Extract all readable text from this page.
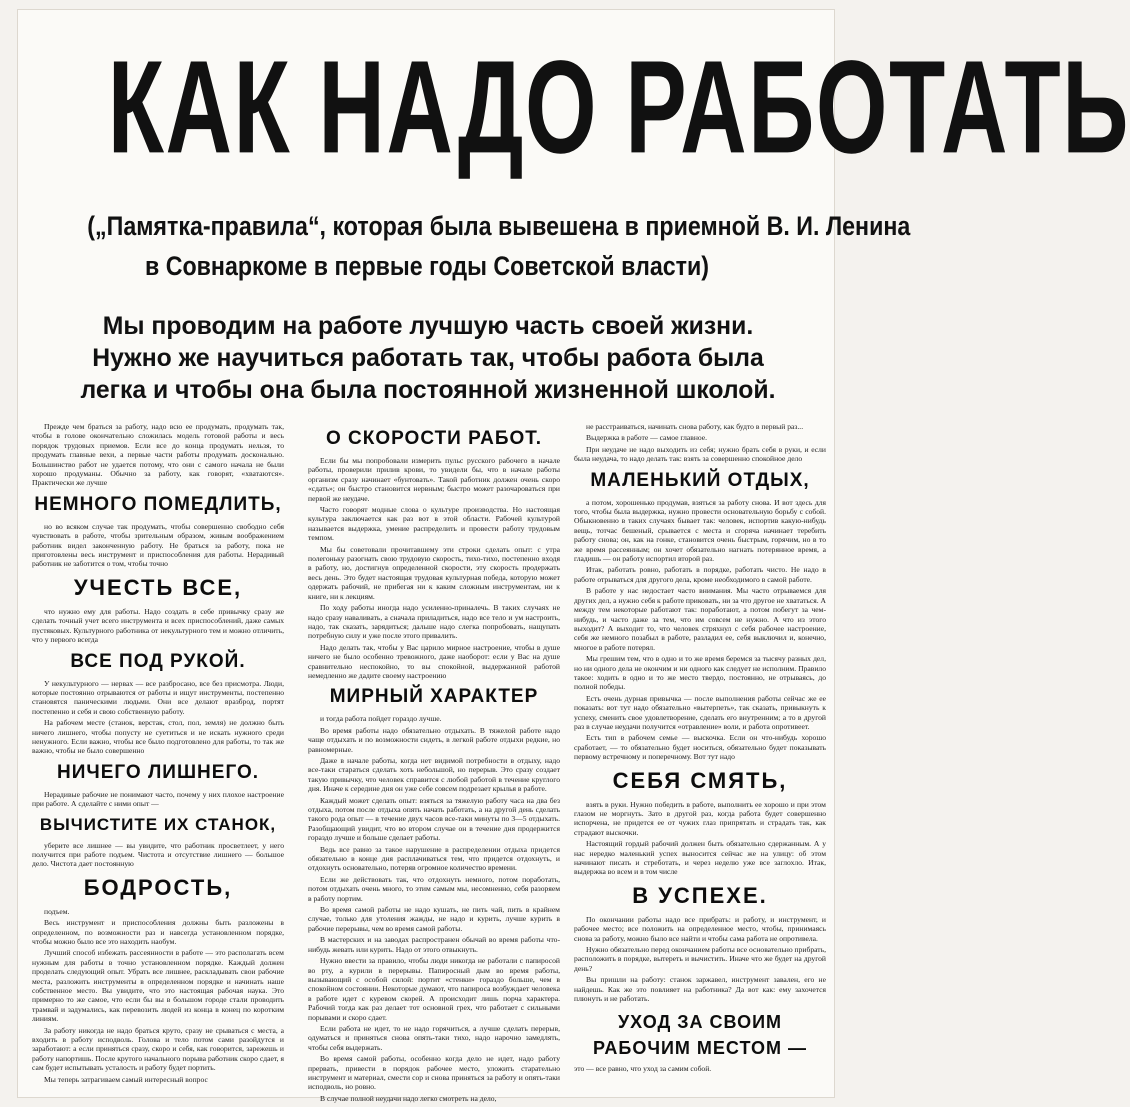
КАК НАДО РАБОТАТЬ
(„Памятка-правила“, которая была вывешена в приемной В. И. Ленина
в Совнаркоме в первые годы Советской власти)
Мы проводим на работе лучшую часть своей жизни.
Нужно же научиться работать так, чтобы работа была
легка и чтобы она была постоянной жизненной школой.

Прежде чем браться за работу, надо всю ее продумать, продумать так, чтобы в голове окончательно сложилась модель готовой работы и весь порядок трудовых приемов. Если все до конца продумать нельзя, то продумать главные вехи, а первые части работы продумать досконально. Большинство работ не удается потому, что они с самого начала не были хорошо продуманы. Обычно за работу, как говорят, «хватаются». Практически же лучше

НЕМНОГО ПОМЕДЛИТЬ,

но во всяком случае так продумать, чтобы совершенно свободно себя чувствовать в работе, чтобы зрительным образом, живым воображением работник видел законченную работу. Не браться за работу, пока не приготовлены весь инструмент и приспособления для работы. Нерадивый работник не заботится о том, чтобы точно

УЧЕСТЬ ВСЕ,

что нужно ему для работы. Надо создать в себе привычку сразу же сделать точный учет всего инструмента и всех приспособлений, даже самых пустяковых. Культурного работника от некультурного тем и можно отличить, что у первого всегда

ВСЕ ПОД РУКОЙ.

У некультурного — нервах — все разбросано, все без присмотра. Люди, которые постоянно отрываются от работы и ищут инструменты, постепенно становятся паническими людьми. Они все делают вразброд, портят постепенно и себя и свою собственную работу.

На рабочем месте (станок, верстак, стол, пол, земля) не должно быть ничего лишнего, чтобы попусту не суетиться и не искать нужного среди ненужного. Если важно, чтобы все было подготовлено для работы, то так же важно, чтобы не было совершенно

НИЧЕГО ЛИШНЕГО.

Нерадивые рабочие не понимают часто, почему у них плохое настроение при работе. А сделайте с ними опыт —

ВЫЧИСТИТЕ ИХ СТАНОК,

уберите все лишнее — вы увидите, что работник просветлеет, у него получится при работе подъем. Чистота и отсутствие лишнего — большое дело. Чистота дает постоянную

БОДРОСТЬ,

подъем.

Весь инструмент и приспособления должны быть разложены в определенном, по возможности раз и навсегда установленном порядке, чтобы можно было все это находить наобум.

Лучший способ избежать рассеянности в работе — это располагать всем нужным для работы в точно установленном порядке. Каждый должен проделать следующий опыт. Убрать все лишнее, раскладывать свои рабочие места, разложить инструменты в определенном порядке и начинать наше собственное место. Вы увидите, что это настоящая рабочая наука. Это примерно то же самое, что если бы вы в большом городе стали проводить трамвай и задумались, как перевозить людей из конца в конец по коротким линиям.

За работу никогда не надо браться круто, сразу не срываться с места, а входить в работу исподволь. Голова и тело потом сами разойдутся и заработают: а если приняться сразу, скоро и себя, как говорится, зарежешь и работу напортишь. После крутого начального порыва работник скоро сдает, я сам будет испытывать усталость и работу будет портить.

Мы теперь затрагиваем самый интересный вопрос

О СКОРОСТИ РАБОТ.

Если бы мы попробовали измерить пульс русского рабочего в начале работы, проверили прилив крови, то увидели бы, что в начале работы организм сразу начинает «бунтовать». Такой работник должен очень скоро «сдать»; он быстро становится нервным; быстро может разочароваться при первой же неудаче.

Часто говорят модные слова о культуре производства. Но настоящая культура заключается как раз вот в этой области. Рабочей культурой называется выдержка, умение распределить и провести работу трудовым темпом.

Мы бы советовали прочитавшему эти строки сделать опыт: с утра полегоньку разогнать свою трудовую скорость, тихо-тихо, постепенно входя в работу, но, достигнув определенной скорости, эту скорость продержать весь день. Это будет настоящая трудовая культурная победа, которую может одержать рабочий, не прибегая ни к каким сложным инструментам, ни к книге, ни к лекциям.

По ходу работы иногда надо усиленно-приналечь. В таких случаях не надо сразу наваливать, а сначала приладиться, надо все тело и ум настроить, надо, так сказать, зарядиться; дальше надо слегка попробовать, нащупать потребную силу и уже после этого привалить.

Надо делать так, чтобы у Вас царило мирное настроение, чтобы в душе ничего не было особенно тревожного, даже наоборот: если у Вас на душе сравнительно неспокойно, то вы спокойной, выдержанной работой немедленно же дадите своему настроению

МИРНЫЙ ХАРАКТЕР

и тогда работа пойдет гораздо лучше.

Во время работы надо обязательно отдыхать. В тяжелой работе надо чаще отдыхать и по возможности сидеть, в легкой работе отдыхи редкие, но равномерные.

Даже в начале работы, когда нет видимой потребности в отдыху, надо все-таки стараться сделать хоть небольшой, но перерыв. Это сразу создает такую привычку, что человек справится с любой работой в течение круглого дня. Иначе к середине дня он уже себе совсем подрезает крылья в работе.

Каждый может сделать опыт: взяться за тяжелую работу часа на два без отдыха, потом после отдыха опять начать работать, а на другой день сделать такого рода опыт — в течение двух часов все-таки минуты по 3—5 отдыхать. Разобщающий увидит, что во втором случае он в течение дня продержится гораздо лучше и больше сделает работы.

Ведь все равно за такое нарушение в распределении отдыха придется обязательно в конце дня расплачиваться тем, что придется отдохнуть, и отдохнуть основательно, потеряв огромное количество времени.

Если же действовать так, что отдохнуть немного, потом поработать, потом отдыхать очень много, то этим самым мы, несомненно, себя разоряем в работу портим.

Во время самой работы не надо кушать, не пить чай, пить в крайнем случае, только для утоления жажды, не надо и курить, лучше курить в рабочие перерывы, чем во время самой работы.

В мастерских и на заводах распространен обычай во время работы что-нибудь жевать или курить. Надо от этого отвыкнуть.

Нужно ввести за правило, чтобы люди никогда не работали с папиросой во рту, а курили в перерывы. Папиросный дым во время работы, вызывающий с особой силой: портит «стенки» гораздо больше, чем в спокойном состоянии. Некоторые думают, что папироса возбуждает человека в работе идет с куревом скорей. А происходит лишь порча характера. Рабочий тогда как раз делает тот основной грех, что работает с сильными порывами и скоро сдает.

Если работа не идет, то не надо горячиться, а лучше сделать перерыв, одуматься и приняться снова опять-таки тихо, надо нарочно замедлять, чтобы себя выдержать.

Во время самой работы, особенно когда дело не идет, надо работу прервать, привести в порядок рабочее место, уложить старательно инструмент и материал, смести сор и снова приняться за работу и опять-таки исподволь, но ровно.

В случае полной неудачи надо легко смотреть на дело,

не расстраиваться, начинать снова работу, как будто в первый раз...

Выдержка в работе — самое главное.

При неудаче не надо выходить из себя; нужно брать себя в руки, и если была неудача, то надо делать так: взять за совершенно спокойное дело

МАЛЕНЬКИЙ ОТДЫХ,

а потом, хорошенько продумав, взяться за работу снова. И вот здесь для того, чтобы была выдержка, нужно провести основательную борьбу с собой. Обыкновенно в таких случаях бывает так: человек, испортив какую-нибудь вещь, тотчас бешеный, срывается с места и сгоряча начинает теребить работу снова; он, как на гонке, становится очень быстрым, горячим, но в то же время рассеянным; он хочет обязательно нагнать потерянное время, а гладишь — он работу испортил второй раз.

Итак, работать ровно, работать в порядке, работать чисто. Не надо в работе отрываться для другого дела, кроме необходимого в самой работе.

В работе у нас недостает часто внимания. Мы часто отрываемся для других дел, а нужно себя к работе приковать, ни за что другое не хвататься. А между тем некоторые работают так: поработают, а потом побегут за чем-нибудь, и часто даже за тем, что им совсем не нужно. А что из этого выходит? А выходит то, что человек стряхнул с себя рабочее настроение, себя же немного позабыл в работе, разладил ее, себя выключил и, конечно, многое в работе потерял.

Мы грешим тем, что в одно и то же время беремся за тысячу разных дел, но ни одного дела не окончим и ни одного как следует не исполним. Правило такое: ходить в одно и то же место твердо, постоянно, не отрываясь, до полной победы.

Есть очень дурная привычка — после выполнения работы сейчас же ее показать: вот тут надо обязательно «вытерпеть», так сказать, привыкнуть к успеху, сменить свое удовлетворение, сделать его внутренним; а то в другой раз в случае неудачи получится «отравление» воли, и работа опротивеет.

Есть тип в рабочем семье — выскочка. Если он что-нибудь хорошо сработает, — то обязательно будет носиться, обязательно будет показывать первому встречному и поперечному. Вот тут надо

СЕБЯ СМЯТЬ,

взять в руки. Нужно победить в работе, выполнить ее хорошо и при этом глазом не моргнуть. Зато в другой раз, когда работа будет совершенно испорчена, не придется ее от чужих глаз припрятать и страдать так, как страдают выскочки.

Настоящий гордый рабочий должен быть обязательно сдержанным. А у нас нередко маленький успех выносится сейчас же на улицу: об этом начинают писать и стреботать, и через неделю уже все заглохло. Итак, выдержка во всем и в том числе

В УСПЕХЕ.

По окончании работы надо все прибрать: и работу, и инструмент, и рабочее место; все положить на определенное место, чтобы, принимаясь снова за работу, можно было все найти и чтобы сама работа не опротивела.

Нужно обязательно перед окончанием работы все основательно прибрать, расположить в порядке, вытереть и вычистить. Иначе что же будет на другой день?

Вы пришли на работу: станок заржавел, инструмент завален, его не найдешь. Как же это повлияет на работника? Да вот как: ему захочется плюнуть и не работать.

УХОД ЗА СВОИМ
РАБОЧИМ МЕСТОМ —
это — все равно, что уход за самим собой.
